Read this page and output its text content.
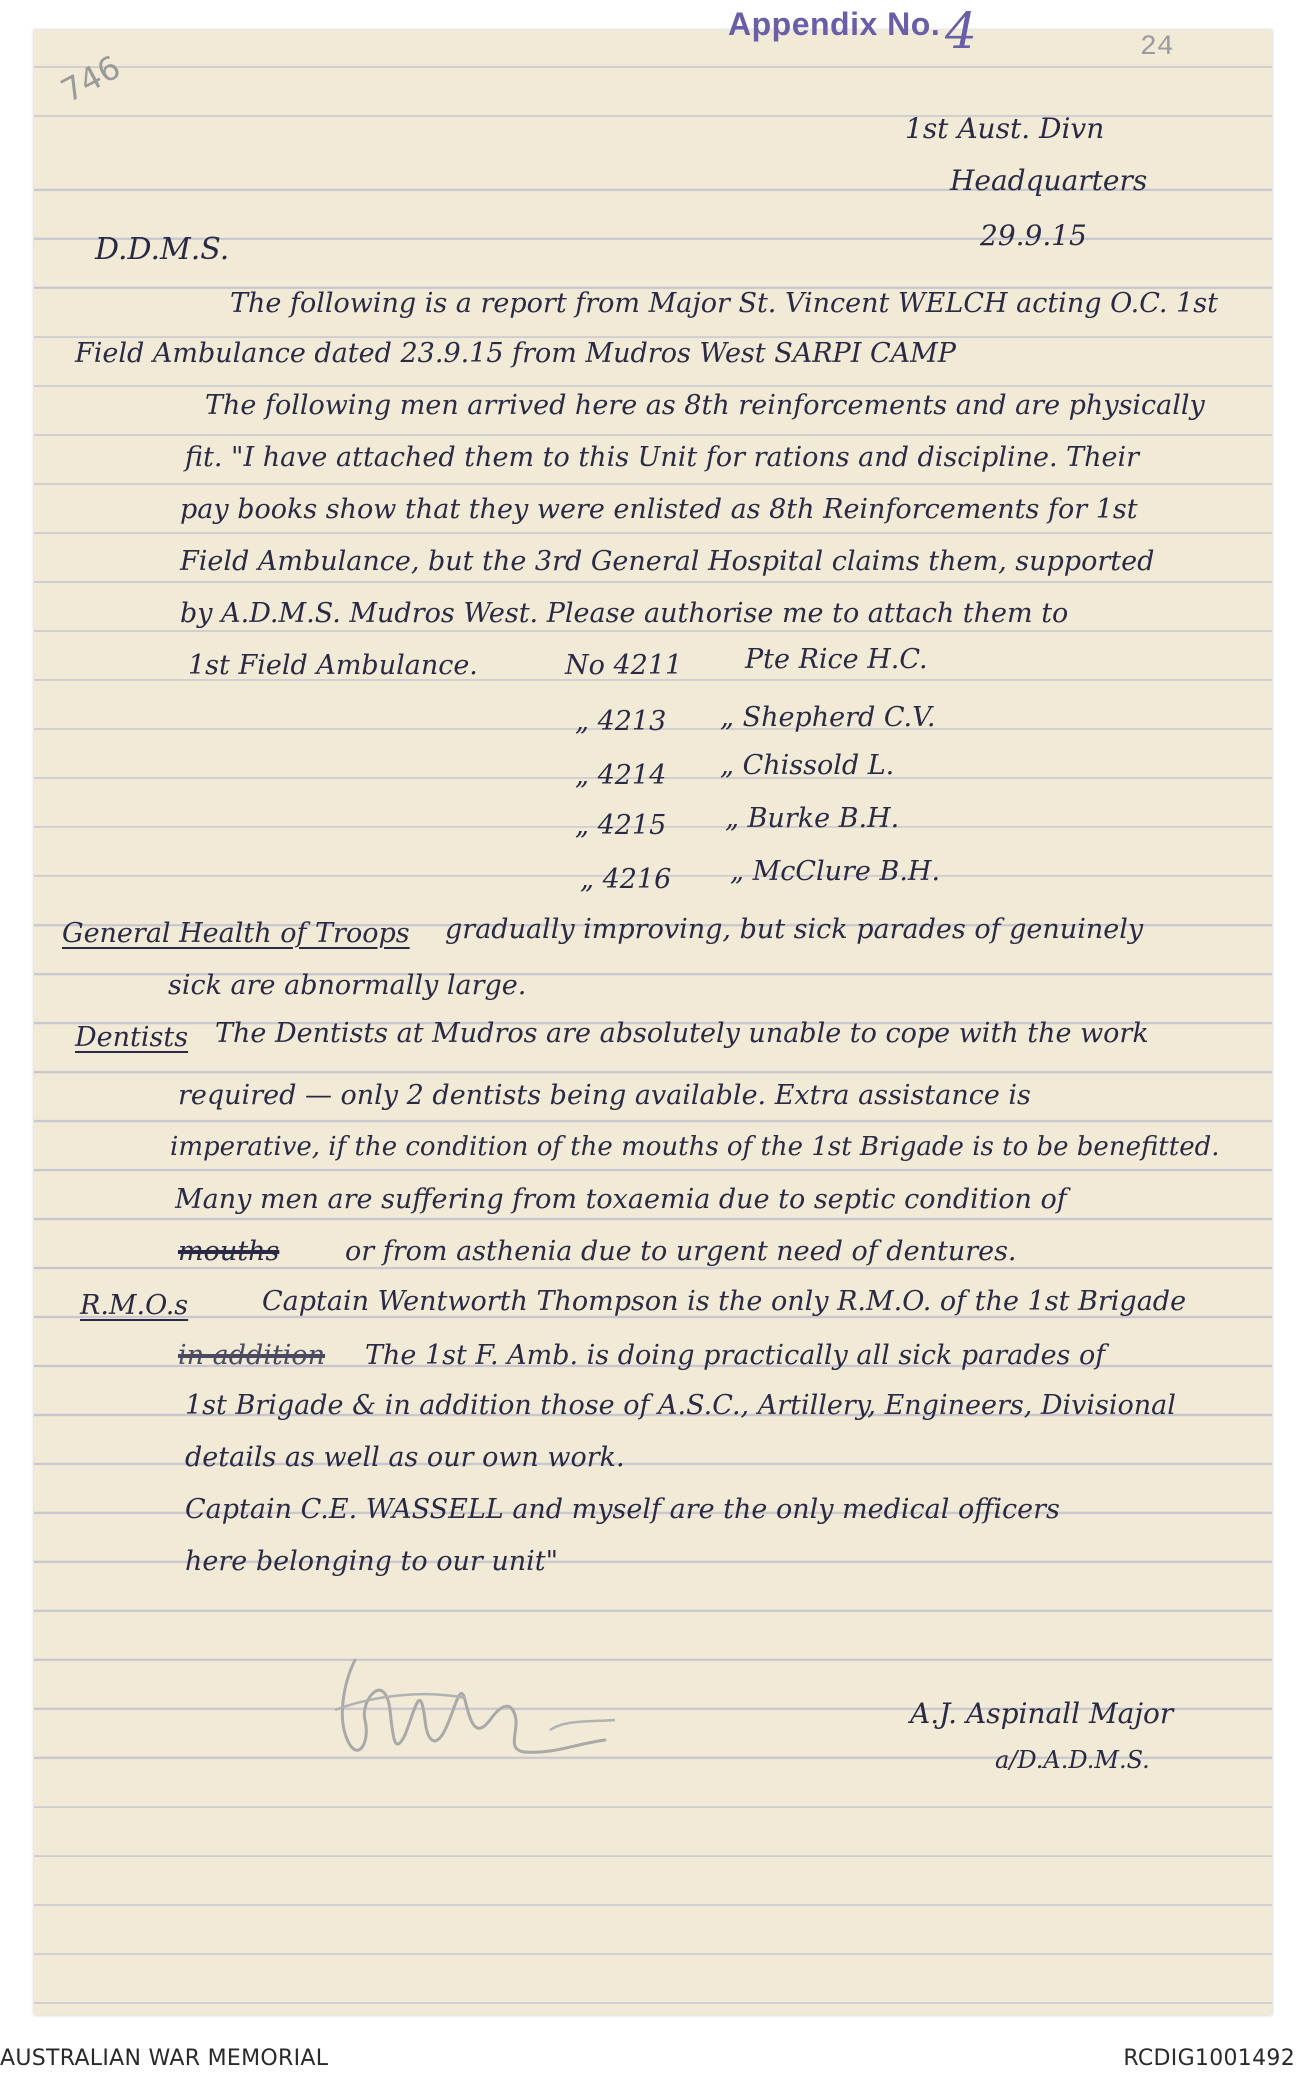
Appendix No. 4	24
746

1st Aust. Divn

Headquarters

29.9.15

D.D.M.S.

The following is a report from Major St. Vincent WELCH acting O.C. 1st

Field Ambulance dated 23.9.15 from Mudros West SARPI CAMP

The following men arrived here as 8th reinforcements and are physically

fit. "I have attached them to this Unit for rations and discipline. Their

pay books show that they were enlisted as 8th Reinforcements for 1st

Field Ambulance, but the 3rd General Hospital claims them, supported

by A.D.M.S. Mudros West. Please authorise me to attach them to

1st Field Ambulance.	No 4211 Pte Rice H.C.

„ 4213 „ Shepherd C.V.

„ 4214 „ Chissold L.

„ 4215 „ Burke B.H.

„ 4216 „ McClure B.H.

General Health of Troops gradually improving, but sick parades of genuinely

sick are abnormally large.

Dentists The Dentists at Mudros are absolutely unable to cope with the work

required — only 2 dentists being available. Extra assistance is

imperative, if the condition of the mouths of the 1st Brigade is to be benefitted.

Many men are suffering from toxaemia due to septic condition of

mouths or from asthenia due to urgent need of dentures.

R.M.O.s	Captain Wentworth Thompson is the only R.M.O. of the 1st Brigade

in addition The 1st F. Amb. is doing practically all sick parades of

1st Brigade & in addition those of A.S.C., Artillery, Engineers, Divisional

details as well as our own work.

Captain C.E. WASSELL and myself are the only medical officers

here belonging to our unit"

A.J. Aspinall Major

a/D.A.D.M.S.

AUSTRALIAN WAR MEMORIAL	RCDIG1001492
